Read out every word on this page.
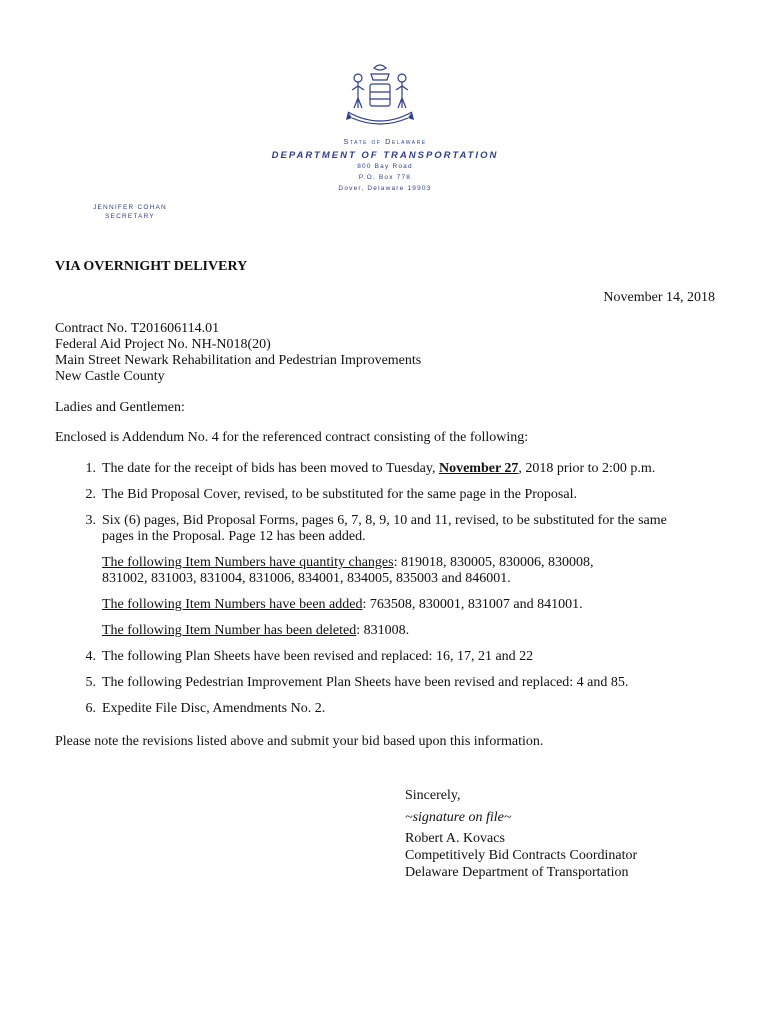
State of Delaware
DEPARTMENT OF TRANSPORTATION
800 Bay Road
P.O. Box 778
Dover, Delaware 19903
JENNIFER COHAN
SECRETARY
VIA OVERNIGHT DELIVERY
November 14, 2018
Contract No. T201606114.01
Federal Aid Project No. NH-N018(20)
Main Street Newark Rehabilitation and Pedestrian Improvements
New Castle County
Ladies and Gentlemen:
Enclosed is Addendum No. 4 for the referenced contract consisting of the following:
1. The date for the receipt of bids has been moved to Tuesday, November 27, 2018 prior to 2:00 p.m.
2. The Bid Proposal Cover, revised, to be substituted for the same page in the Proposal.
3. Six (6) pages, Bid Proposal Forms, pages 6, 7, 8, 9, 10 and 11, revised, to be substituted for the same
pages in the Proposal. Page 12 has been added.
The following Item Numbers have quantity changes: 819018, 830005, 830006, 830008,
831002, 831003, 831004, 831006, 834001, 834005, 835003 and 846001.
The following Item Numbers have been added: 763508, 830001, 831007 and 841001.
The following Item Number has been deleted: 831008.
4. The following Plan Sheets have been revised and replaced: 16, 17, 21 and 22
5. The following Pedestrian Improvement Plan Sheets have been revised and replaced: 4 and 85.
6. Expedite File Disc, Amendments No. 2.
Please note the revisions listed above and submit your bid based upon this information.
Sincerely,
~signature on file~
Robert A. Kovacs
Competitively Bid Contracts Coordinator
Delaware Department of Transportation
